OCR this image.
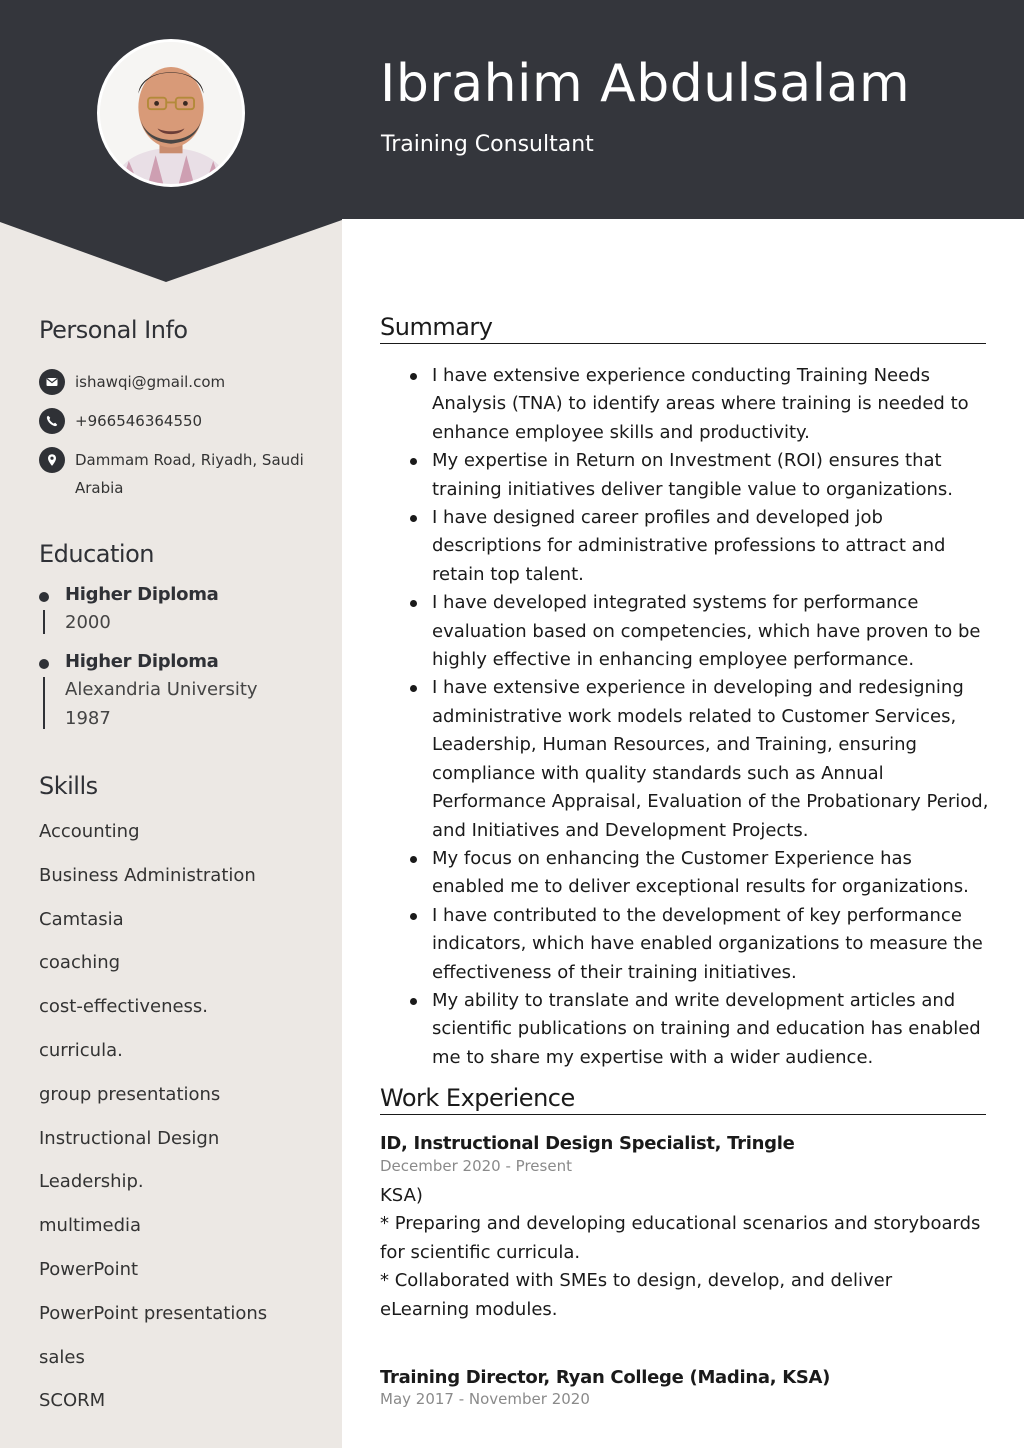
Ibrahim Abdulsalam
Training Consultant
Personal Info
ishawqi@gmail.com
+966546364550
Dammam Road, Riyadh, Saudi
Arabia
Education
Higher Diploma
2000
Higher Diploma
Alexandria University
1987
Skills
Accounting
Business Administration
Camtasia
coaching
cost-effectiveness.
curricula.
group presentations
Instructional Design
Leadership.
multimedia
PowerPoint
PowerPoint presentations
sales
SCORM
Summary
I have extensive experience conducting Training Needs Analysis (TNA) to identify areas where training is needed to enhance employee skills and productivity.
My expertise in Return on Investment (ROI) ensures that training initiatives deliver tangible value to organizations.
I have designed career profiles and developed job descriptions for administrative professions to attract and retain top talent.
I have developed integrated systems for performance evaluation based on competencies, which have proven to be highly effective in enhancing employee performance.
I have extensive experience in developing and redesigning administrative work models related to Customer Services, Leadership, Human Resources, and Training, ensuring compliance with quality standards such as Annual Performance Appraisal, Evaluation of the Probationary Period, and Initiatives and Development Projects.
My focus on enhancing the Customer Experience has enabled me to deliver exceptional results for organizations.
I have contributed to the development of key performance indicators, which have enabled organizations to measure the effectiveness of their training initiatives.
My ability to translate and write development articles and scientific publications on training and education has enabled me to share my expertise with a wider audience.
Work Experience
ID, Instructional Design Specialist, Tringle
December 2020 - Present

KSA)

* Preparing and developing educational scenarios and storyboards for scientific curricula.

* Collaborated with SMEs to design, develop, and deliver eLearning modules.

Training Director, Ryan College (Madina, KSA)
May 2017 - November 2020
